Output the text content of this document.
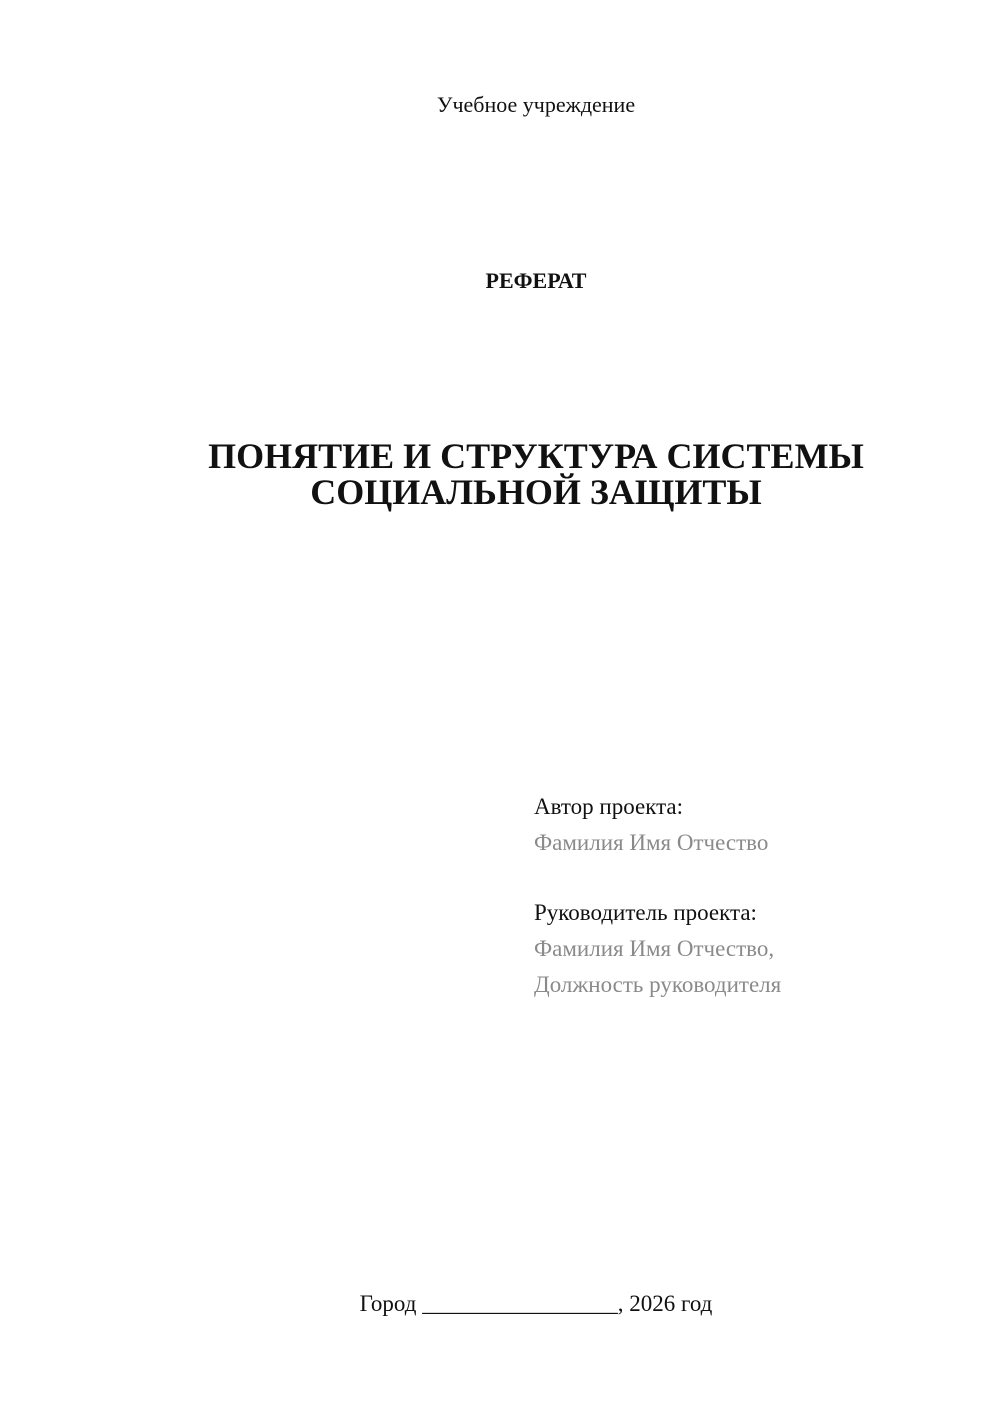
Учебное учреждение
РЕФЕРАТ
ПОНЯТИЕ И СТРУКТУРА СИСТЕМЫ
СОЦИАЛЬНОЙ ЗАЩИТЫ
Автор проекта:
Фамилия Имя Отчество
Руководитель проекта:
Фамилия Имя Отчество,
Должность руководителя
Город _________________, 2026 год
